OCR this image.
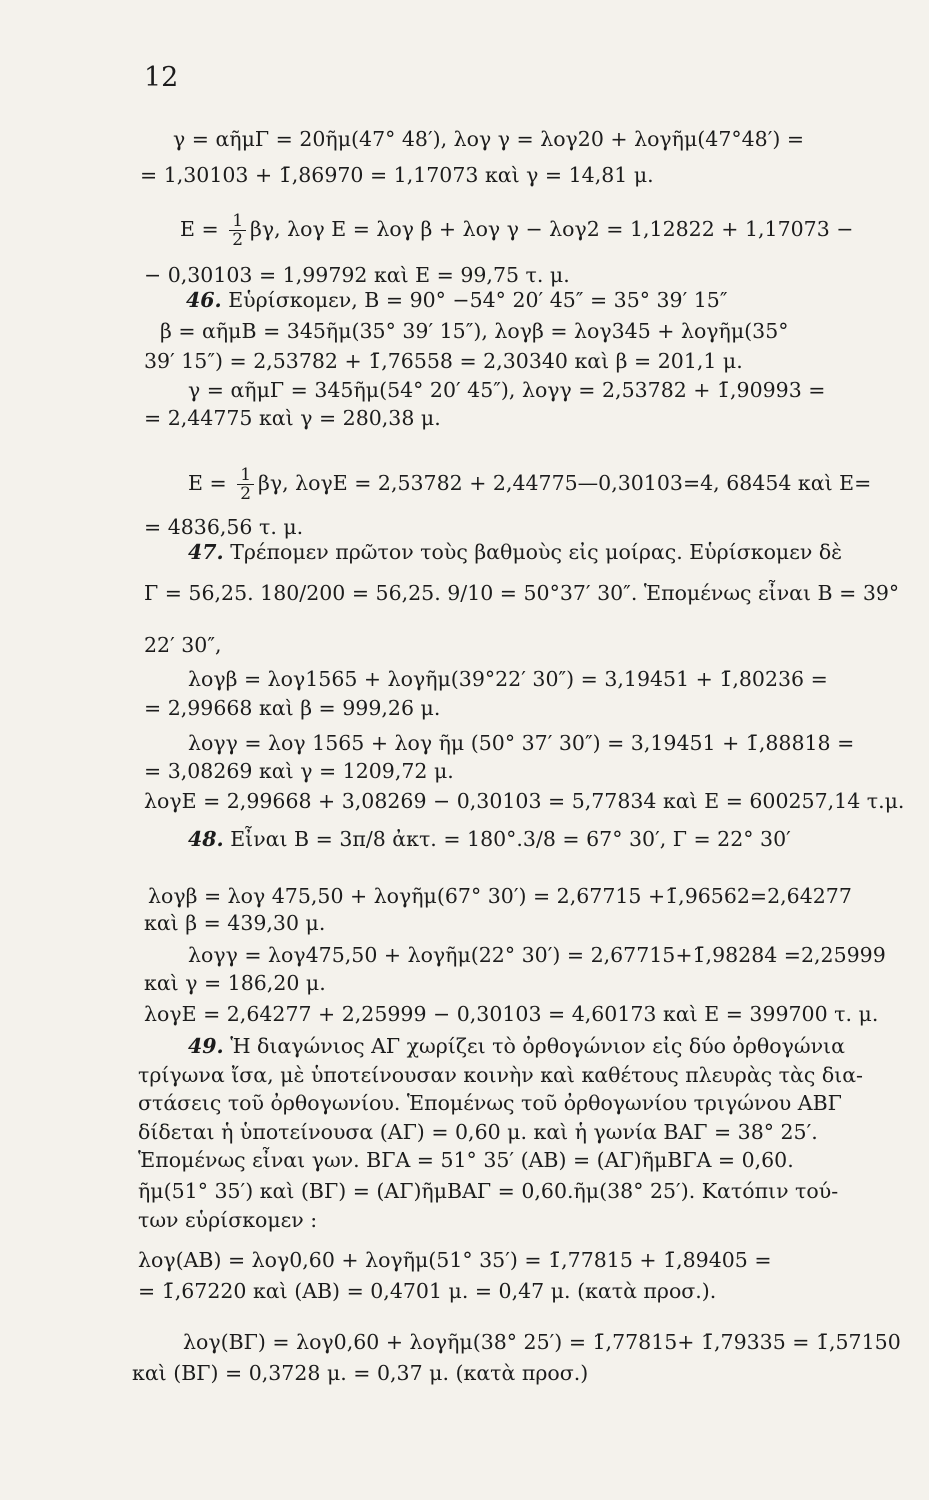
12
γ = αῆμΓ = 20ῆμ(47° 48′), λογ γ = λογ20 + λογῆμ(47°48′) =
= 1,30103 + 1̄,86970 = 1,17073 καὶ γ = 14,81 μ.
$E = \frac{1}{2} \beta\gamma$, λογ E = λογ β + λογ γ − λογ2 = 1,12822 + 1,17073 −
− 0,30103 = 1,99792 καὶ E = 99,75 τ. μ.
46. Εὑρίσκομεν, B = 90° −54° 20′ 45″ = 35° 39′ 15″
β = αῆμB = 345ῆμ(35° 39′ 15″), λογβ = λογ345 + λογῆμ(35°
39′ 15″) = 2,53782 + 1̄,76558 = 2,30340 καὶ β = 201,1 μ.
γ = αῆμΓ = 345ῆμ(54° 20′ 45″), λογγ = 2,53782 + 1̄,90993 =
= 2,44775 καὶ γ = 280,38 μ.
$E = \frac{1}{2} \beta\gamma$, λογE = 2,53782 + 2,44775—0,30103=4, 68454 καὶ E=
= 4836,56 τ. μ.
47. Τρέπομεν πρῶτον τοὺς βαθμοὺς εἰς μοίρας. Εὑρίσκομεν δὲ
Γ = 56,25. 180/200 = 56,25. 9/10 = 50°37′ 30″. Ἑπομένως εἶναι B = 39°
22′ 30″,
λογβ = λογ1565 + λογῆμ(39°22′ 30″) = 3,19451 + 1̄,80236 =
= 2,99668 καὶ β = 999,26 μ.
λογγ = λογ 1565 + λογ ῆμ (50° 37′ 30″) = 3,19451 + 1̄,88818 =
= 3,08269 καὶ γ = 1209,72 μ.
λογE = 2,99668 + 3,08269 − 0,30103 = 5,77834 καὶ E = 600257,14 τ.μ.
48. Εἶναι B = 3π/8 ἀκτ. = 180°.3/8 = 67° 30′, Γ = 22° 30′
λογβ = λογ 475,50 + λογῆμ(67° 30′) = 2,67715 +1̄,96562=2,64277
καὶ β = 439,30 μ.
λογγ = λογ475,50 + λογῆμ(22° 30′) = 2,67715+1̄,98284 =2,25999
καὶ γ = 186,20 μ.
λογE = 2,64277 + 2,25999 − 0,30103 = 4,60173 καὶ E = 399700 τ. μ.
49. Ἡ διαγώνιος ΑΓ χωρίζει τὸ ὀρθογώνιον εἰς δύο ὀρθογώνια
τρίγωνα ἴσα, μὲ ὑποτείνουσαν κοινὴν καὶ καθέτους πλευρὰς τὰς δια-
στάσεις τοῦ ὀρθογωνίου. Ἑπομένως τοῦ ὀρθογωνίου τριγώνου ΑΒΓ
δίδεται ἡ ὑποτείνουσα (ΑΓ) = 0,60 μ. καὶ ἡ γωνία ΒΑΓ = 38° 25′.
Ἑπομένως εἶναι γων. ΒΓΑ = 51° 35′ (ΑΒ) = (ΑΓ)ῆμΒΓΑ = 0,60.
ῆμ(51° 35′) καὶ (ΒΓ) = (ΑΓ)ῆμΒΑΓ = 0,60.ῆμ(38° 25′). Κατόπιν τού-
των εὑρίσκομεν :
λογ(ΑΒ) = λογ0,60 + λογῆμ(51° 35′) = 1̄,77815 + 1̄,89405 =
= 1̄,67220 καὶ (ΑΒ) = 0,4701 μ. = 0,47 μ. (κατὰ προσ.).
λογ(ΒΓ) = λογ0,60 + λογῆμ(38° 25′) = 1̄,77815+ 1̄,79335 = 1̄,57150
καὶ (ΒΓ) = 0,3728 μ. = 0,37 μ. (κατὰ προσ.)
